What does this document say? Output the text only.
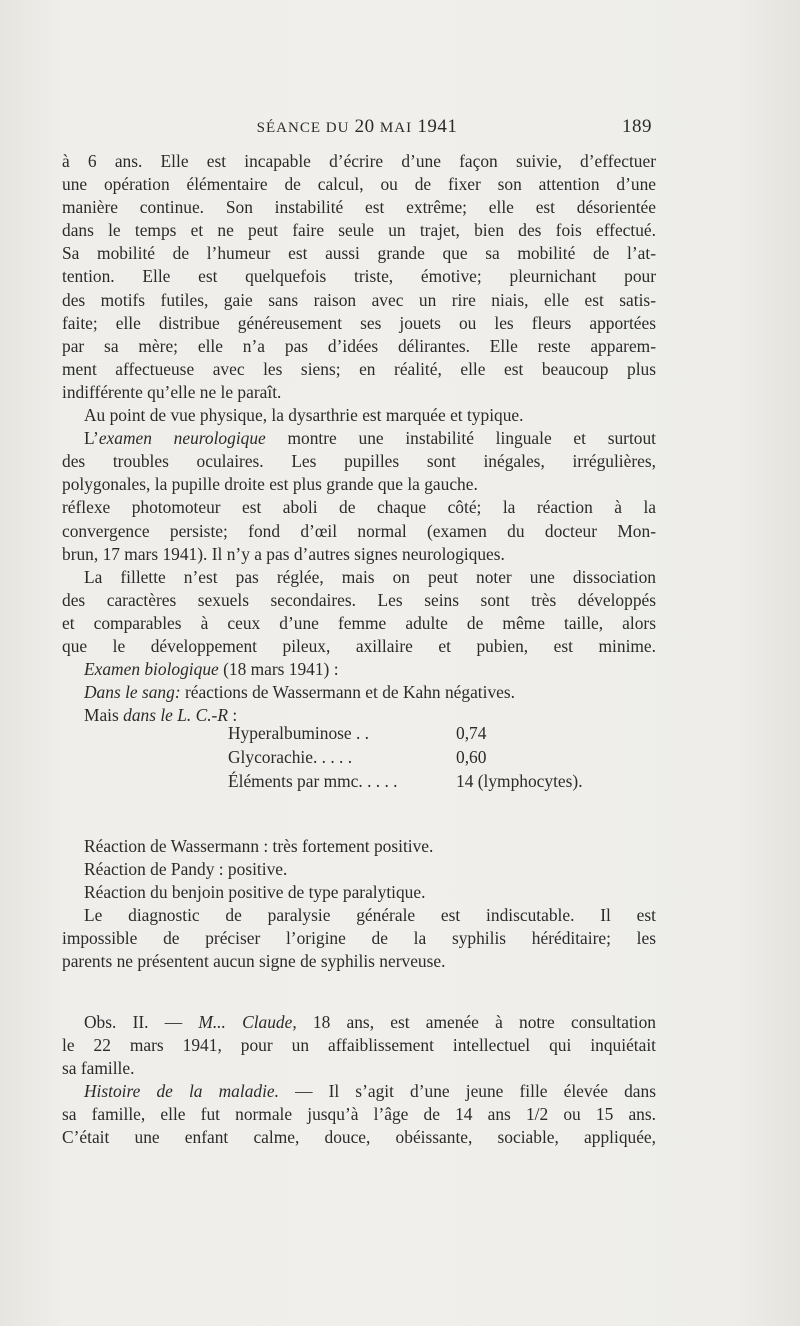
SÉANCE DU 20 MAI 1941	189
à 6 ans. Elle est incapable d’écrire d’une façon suivie, d’effectuer
une opération élémentaire de calcul, ou de fixer son attention d’une
manière continue. Son instabilité est extrême; elle est désorientée
dans le temps et ne peut faire seule un trajet, bien des fois effectué.
Sa mobilité de l’humeur est aussi grande que sa mobilité de l’at-
tention. Elle est quelquefois triste, émotive; pleurnichant pour
des motifs futiles, gaie sans raison avec un rire niais, elle est satis-
faite; elle distribue généreusement ses jouets ou les fleurs apportées
par sa mère; elle n’a pas d’idées délirantes. Elle reste apparem-
ment affectueuse avec les siens; en réalité, elle est beaucoup plus
indifférente qu’elle ne le paraît.
Au point de vue physique, la dysarthrie est marquée et typique.
L’examen neurologique montre une instabilité linguale et surtout
des troubles oculaires. Les pupilles sont inégales, irrégulières,
polygonales, la pupille droite est plus grande que la gauche.
réflexe photomoteur est aboli de chaque côté; la réaction à la
convergence persiste; fond d’œil normal (examen du docteur Mon-
brun, 17 mars 1941). Il n’y a pas d’autres signes neurologiques.
La fillette n’est pas réglée, mais on peut noter une dissociation
des caractères sexuels secondaires. Les seins sont très développés
et comparables à ceux d’une femme adulte de même taille, alors
que le développement pileux, axillaire et pubien, est minime.
Examen biologique (18 mars 1941) :
Dans le sang: réactions de Wassermann et de Kahn négatives.
Mais dans le L. C.-R :
Hyperalbuminose . .	0,74
Glycorachie. . . . .	0,60
Éléments par mmc. . . . .	14 (lymphocytes).
Réaction de Wassermann : très fortement positive.
Réaction de Pandy : positive.
Réaction du benjoin positive de type paralytique.
Le diagnostic de paralysie générale est indiscutable. Il est
impossible de préciser l’origine de la syphilis héréditaire; les
parents ne présentent aucun signe de syphilis nerveuse.
Obs. II. — M... Claude, 18 ans, est amenée à notre consultation
le 22 mars 1941, pour un affaiblissement intellectuel qui inquiétait
sa famille.
Histoire de la maladie. — Il s’agit d’une jeune fille élevée dans
sa famille, elle fut normale jusqu’à l’âge de 14 ans 1/2 ou 15 ans.
C’était une enfant calme, douce, obéissante, sociable, appliquée,
